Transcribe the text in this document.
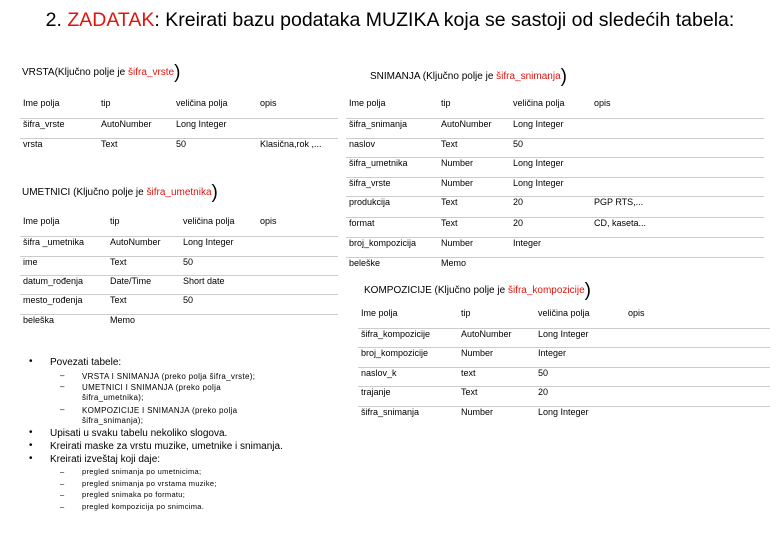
2. ZADATAK: Kreirati bazu podataka MUZIKA koja se sastoji od sledećih tabela:
VRSTA(Ključno polje je šifra_vrste)
Ime polja	tip	veličina polja	opis
šifra_vrste	AutoNumber	Long Integer	
vrsta	Text	50	Klasična,rok ,...
UMETNICI (Ključno polje je šifra_umetnika)
Ime polja	tip	veličina polja	opis
šifra _umetnika	AutoNumber	Long Integer	
ime	Text	50	
datum_rođenja	Date/Time	Short date	
mesto_rođenja	Text	50	
beleška	Memo		
SNIMANJA (Ključno polje je šifra_snimanja)
Ime polja	tip	veličina polja	opis
šifra_snimanja	AutoNumber	Long Integer	
naslov	Text	50	
šifra_umetnika	Number	Long Integer	
šifra_vrste	Number	Long Integer	
produkcija	Text	20	PGP RTS,...
format	Text	20	CD, kaseta...
broj_kompozicija	Number	Integer	
beleške	Memo		
KOMPOZICIJE (Ključno polje je šifra_kompozicije)
Ime polja	tip	veličina polja	opis
šifra_kompozicije	AutoNumber	Long Integer	
broj_kompozicije	Number	Integer	
naslov_k	text	50	
trajanje	Text	20	
šifra_snimanja	Number	Long Integer	
• Povezati tabele:
– VRSTA I SNIMANJA (preko polja šifra_vrste);
– UMETNICI I SNIMANJA (preko polja
šifra_umetnika);
– KOMPOZICIJE I SNIMANJA (preko polja
šifra_snimanja);
• Upisati u svaku tabelu nekoliko slogova.
• Kreirati maske za vrstu muzike, umetnike i snimanja.
• Kreirati izveštaj koji daje:
– pregled snimanja po umetnicima;
– pregled snimanja po vrstama muzike;
– pregled snimaka po formatu;
– pregled kompozicija po snimcima.
